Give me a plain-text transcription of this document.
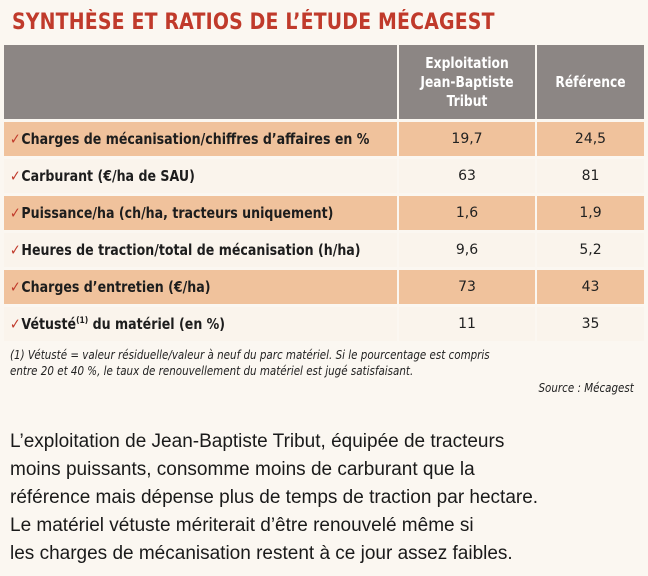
SYNTHÈSE ET RATIOS DE L’ÉTUDE MÉCAGEST

	Exploitation
Jean-Baptiste
Tribut	Référence

✓Charges de mécanisation/chiffres d’affaires en %	19,7	24,5
✓Carburant (€/ha de SAU)	63	81
✓Puissance/ha (ch/ha, tracteurs uniquement)	1,6	1,9
✓Heures de traction/total de mécanisation (h/ha)	9,6	5,2
✓Charges d’entretien (€/ha)	73	43
✓Vétusté$^{(1)}$ du matériel (en %)	11	35
(1) Vétusté = valeur résiduelle/valeur à neuf du parc matériel. Si le pourcentage est compris
entre 20 et 40 %, le taux de renouvellement du matériel est jugé satisfaisant.
Source : Mécagest
L’exploitation de Jean-Baptiste Tribut, équipée de tracteurs
moins puissants, consomme moins de carburant que la
référence mais dépense plus de temps de traction par hectare.
Le matériel vétuste mériterait d’être renouvelé même si
les charges de mécanisation restent à ce jour assez faibles.
